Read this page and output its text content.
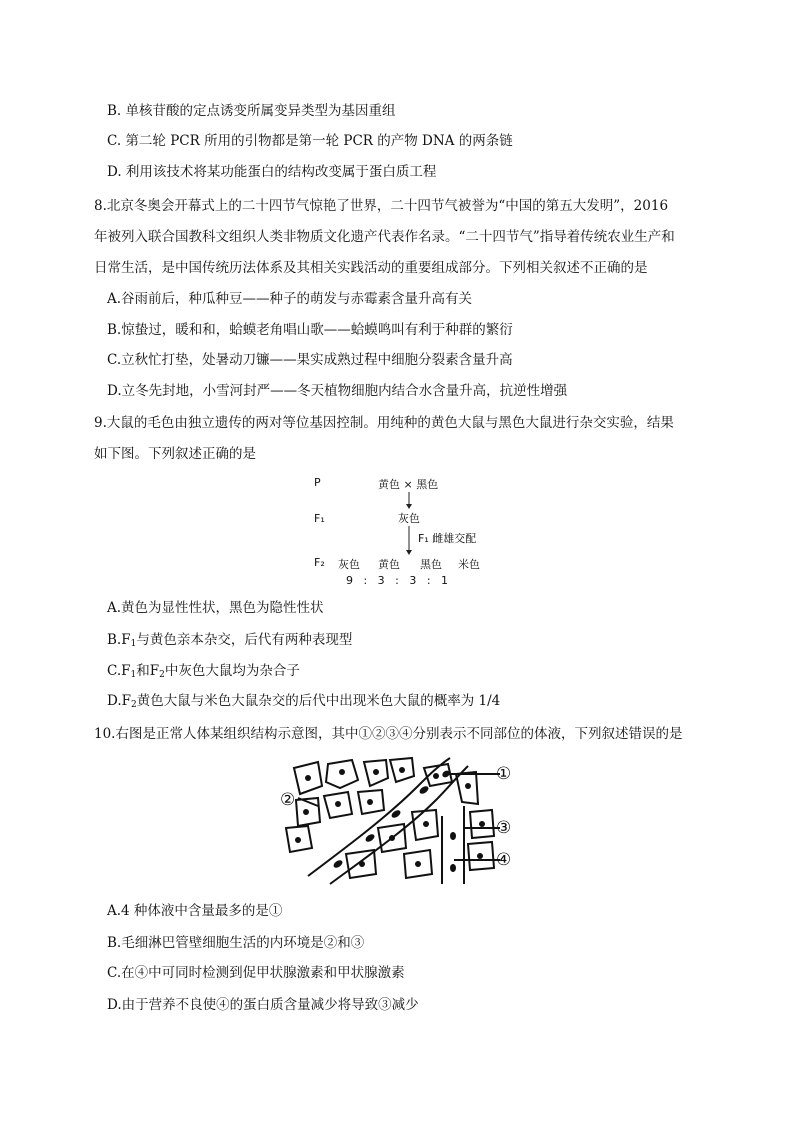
B. 单核苷酸的定点诱变所属变异类型为基因重组
C. 第二轮 PCR 所用的引物都是第一轮 PCR 的产物 DNA 的两条链
D. 利用该技术将某功能蛋白的结构改变属于蛋白质工程
8.北京冬奥会开幕式上的二十四节气惊艳了世界，二十四节气被誉为“中国的第五大发明”，2016
年被列入联合国教科文组织人类非物质文化遗产代表作名录。“二十四节气”指导着传统农业生产和
日常生活，是中国传统历法体系及其相关实践活动的重要组成部分。下列相关叙述不正确的是
A.谷雨前后，种瓜种豆——种子的萌发与赤霉素含量升高有关
B.惊蛰过，暖和和，蛤蟆老角唱山歌——蛤蟆鸣叫有利于种群的繁衍
C.立秋忙打垫，处暑动刀镰——果实成熟过程中细胞分裂素含量升高
D.立冬先封地，小雪河封严——冬天植物细胞内结合水含量升高，抗逆性增强
9.大鼠的毛色由独立遗传的两对等位基因控制。用纯种的黄色大鼠与黑色大鼠进行杂交实验，结果
如下图。下列叙述正确的是
P	黄色 × 黑色
F₁	灰色
F₁ 雌雄交配
F₂ 灰色 黄色 黑色 米色
9   :   3   :   3   :   1
A.黄色为显性性状，黑色为隐性性状
$B.F_1$与黄色亲本杂交，后代有两种表现型
$C.F_1$和$F_2$中灰色大鼠均为杂合子
$D.F_2$黄色大鼠与米色大鼠杂交的后代中出现米色大鼠的概率为 1/4
10.右图是正常人体某组织结构示意图，其中①②③④分别表示不同部位的体液，下列叙述错误的是
①
②
③
④
A.4 种体液中含量最多的是①
B.毛细淋巴管壁细胞生活的内环境是②和③
C.在④中可同时检测到促甲状腺激素和甲状腺激素
D.由于营养不良使④的蛋白质含量减少将导致③减少
